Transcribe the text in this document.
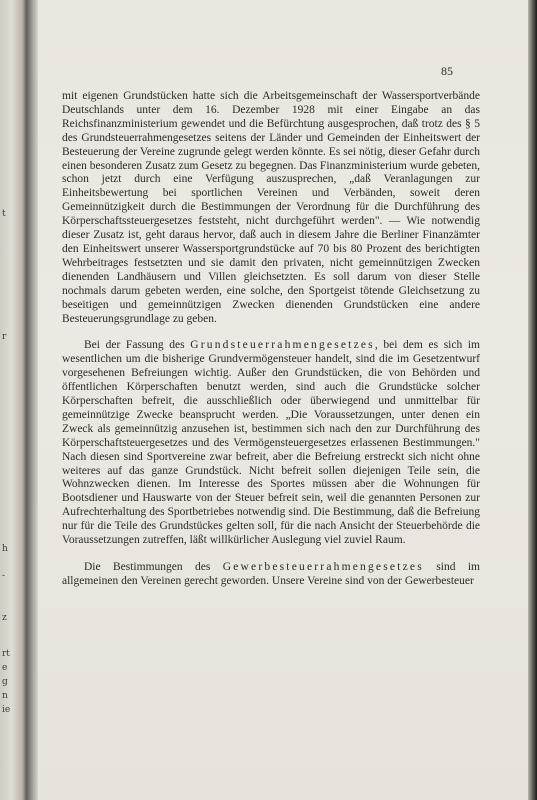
t
r
h
-
z
rt
e
g
n
ie
85

mit eigenen Grundstücken hatte sich die Arbeitsgemeinschaft der Wassersportverbände Deutschlands unter dem 16. Dezember 1928 mit einer Eingabe an das Reichsfinanzministerium gewendet und die Befürchtung ausgesprochen, daß trotz des § 5 des Grundsteuerrahmengesetzes seitens der Länder und Gemeinden der Einheitswert der Besteuerung der Vereine zugrunde gelegt werden könnte. Es sei nötig, dieser Gefahr durch einen besonderen Zusatz zum Gesetz zu begegnen. Das Finanzministerium wurde gebeten, schon jetzt durch eine Verfügung auszusprechen, „daß Veranlagungen zur Einheitsbewertung bei sportlichen Vereinen und Verbänden, soweit deren Gemeinnützigkeit durch die Bestimmungen der Verordnung für die Durchführung des Körperschaftssteuergesetzes feststeht, nicht durchgeführt werden". — Wie notwendig dieser Zusatz ist, geht daraus hervor, daß auch in diesem Jahre die Berliner Finanzämter den Einheitswert unserer Wassersportgrundstücke auf 70 bis 80 Prozent des berichtigten Wehrbeitrages festsetzten und sie damit den privaten, nicht gemeinnützigen Zwecken dienenden Landhäusern und Villen gleichsetzten. Es soll darum von dieser Stelle nochmals darum gebeten werden, eine solche, den Sportgeist tötende Gleichsetzung zu beseitigen und gemeinnützigen Zwecken dienenden Grundstücken eine andere Besteuerungsgrundlage zu geben.

Bei der Fassung des Grundsteuerrahmengesetzes, bei dem es sich im wesentlichen um die bisherige Grundvermögensteuer handelt, sind die im Gesetzentwurf vorgesehenen Befreiungen wichtig. Außer den Grundstücken, die von Behörden und öffentlichen Körperschaften benutzt werden, sind auch die Grundstücke solcher Körperschaften befreit, die ausschließlich oder überwiegend und unmittelbar für gemeinnützige Zwecke beansprucht werden. „Die Voraussetzungen, unter denen ein Zweck als gemeinnützig anzusehen ist, bestimmen sich nach den zur Durchführung des Körperschaftsteuergesetzes und des Vermögensteuergesetzes erlassenen Bestimmungen." Nach diesen sind Sportvereine zwar befreit, aber die Befreiung erstreckt sich nicht ohne weiteres auf das ganze Grundstück. Nicht befreit sollen diejenigen Teile sein, die Wohnzwecken dienen. Im Interesse des Sportes müssen aber die Wohnungen für Bootsdiener und Hauswarte von der Steuer befreit sein, weil die genannten Personen zur Aufrechterhaltung des Sportbetriebes notwendig sind. Die Bestimmung, daß die Befreiung nur für die Teile des Grundstückes gelten soll, für die nach Ansicht der Steuerbehörde die Voraussetzungen zutreffen, läßt willkürlicher Auslegung viel zuviel Raum.

Die Bestimmungen des Gewerbesteuerrahmengesetzes sind im allgemeinen den Vereinen gerecht geworden. Unsere Vereine sind von der Gewerbesteuer
